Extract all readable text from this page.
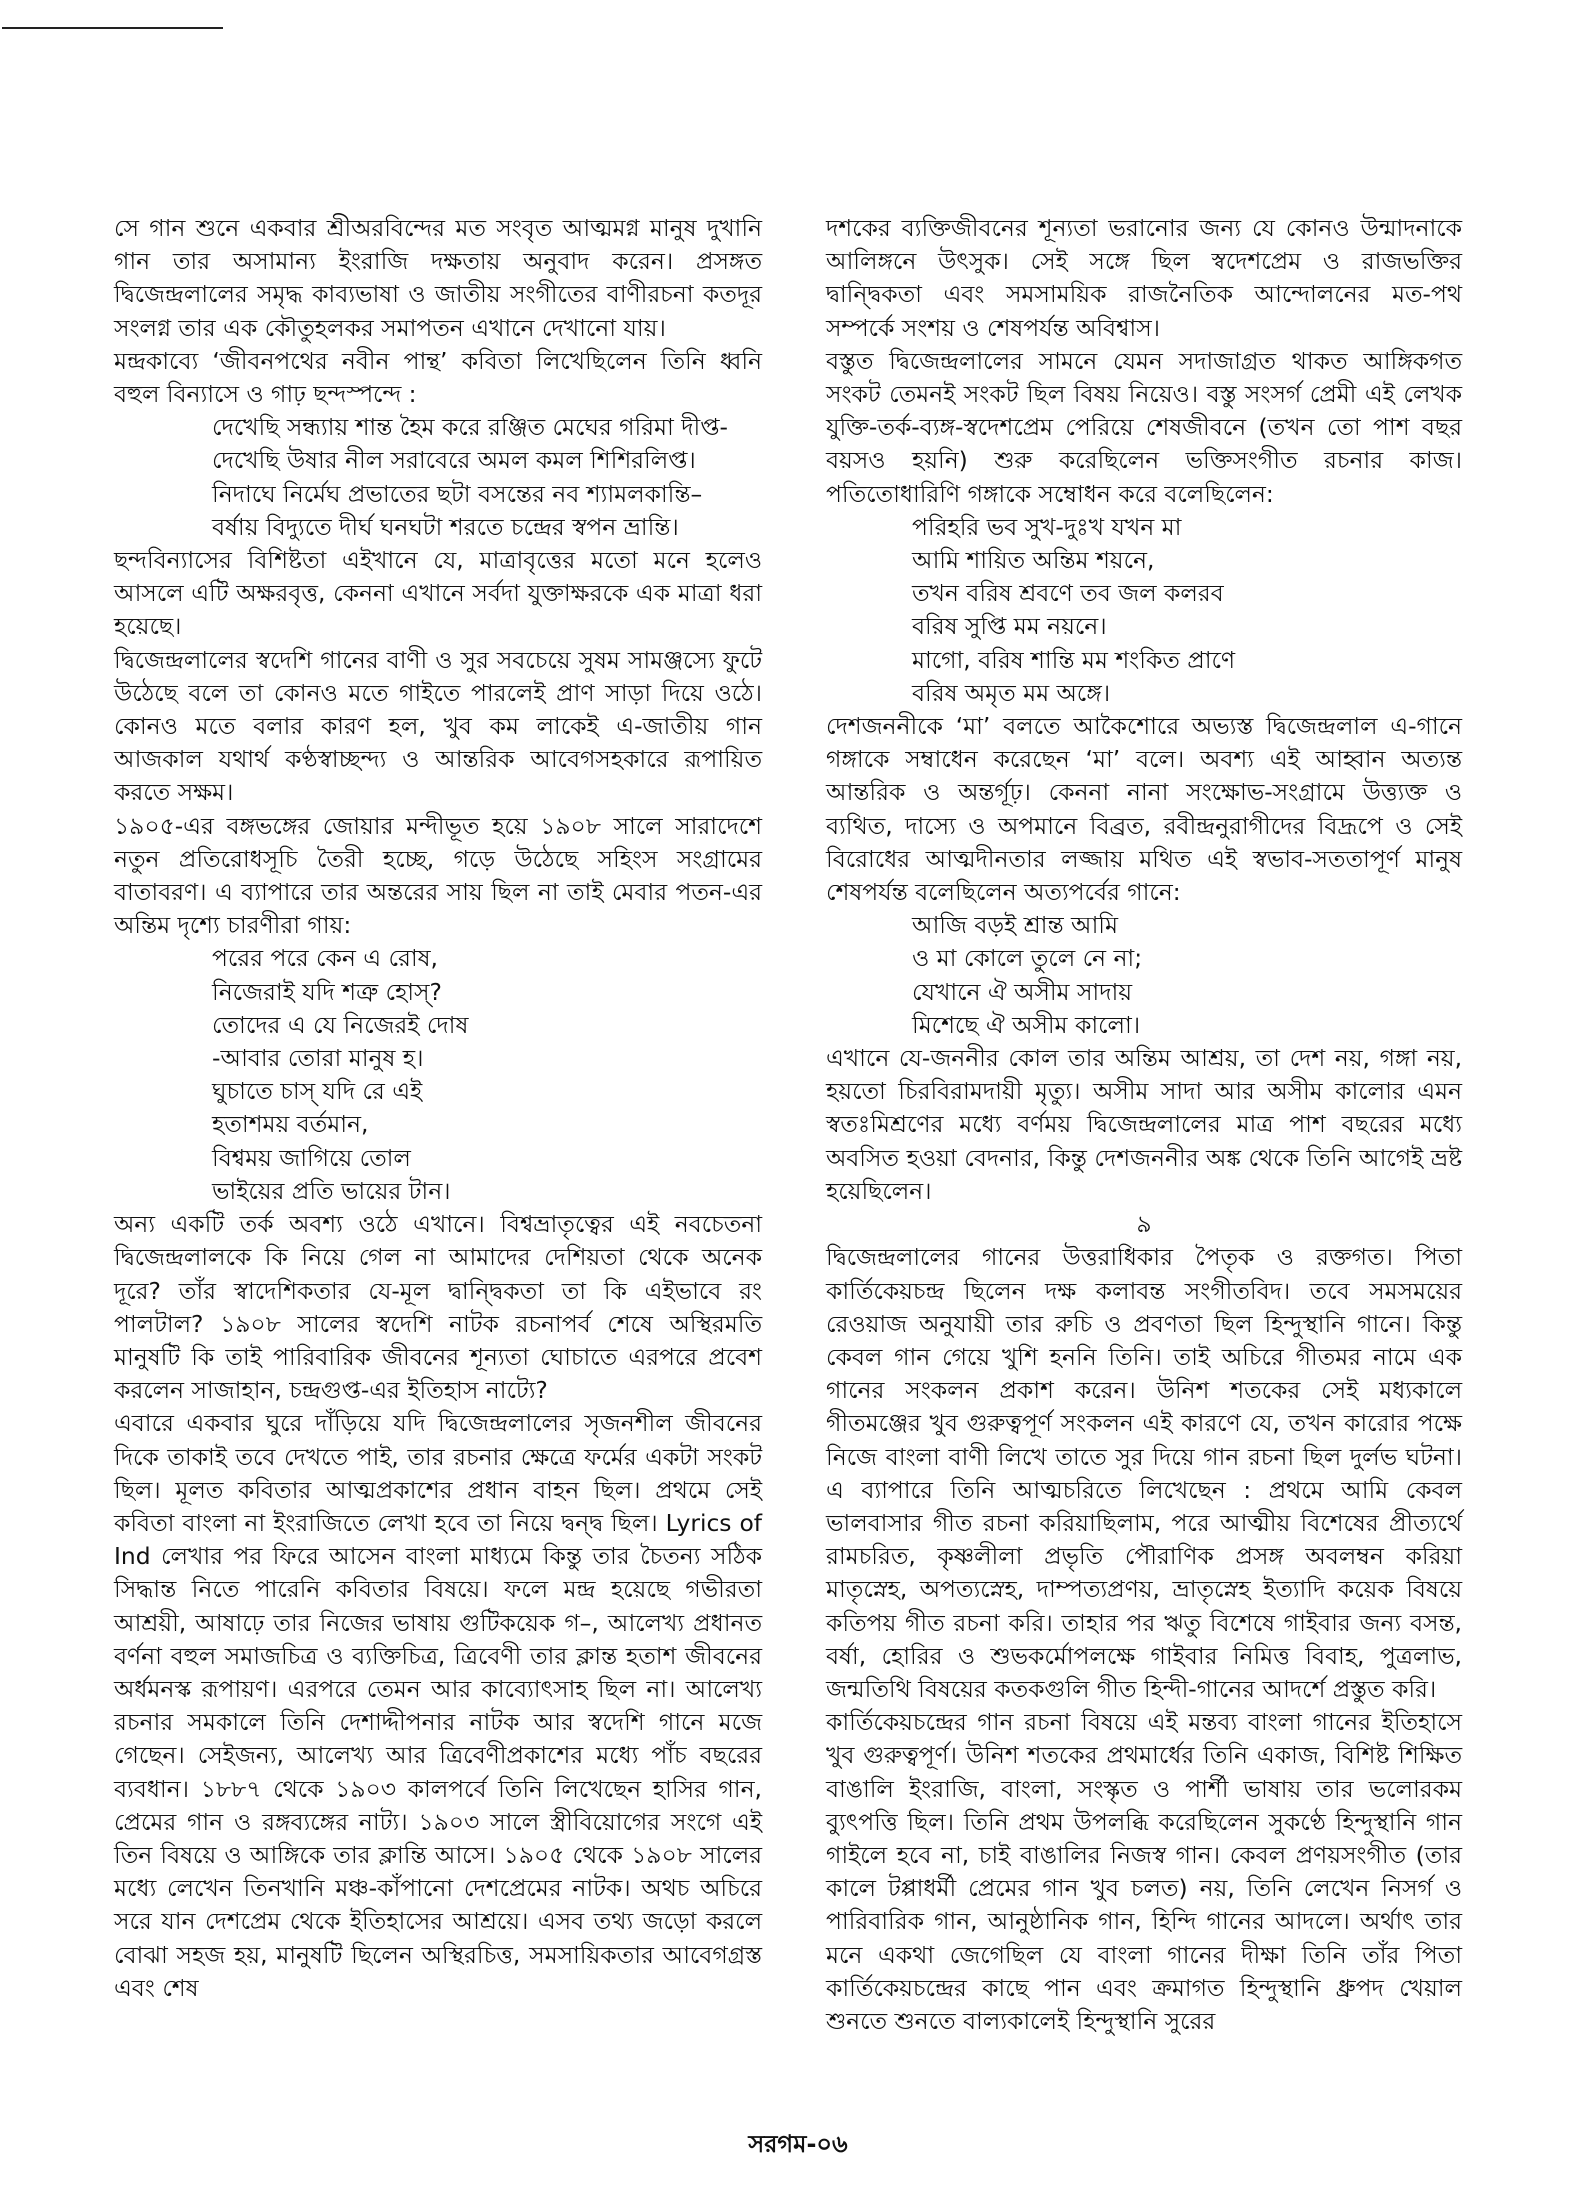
সে গান শুনে একবার শ্রীঅরবিন্দের মত সংবৃত আত্মমগ্ন মানুষ দুখানি গান তার অসামান্য ইংরাজি দক্ষতায় অনুবাদ করেন। প্রসঙ্গত দ্বিজেন্দ্রলালের সমৃদ্ধ কাব্যভাষা ও জাতীয় সংগীতের বাণীরচনা কতদূর সংলগ্ন তার এক কৌতুহলকর সমাপতন এখানে দেখানো যায়।

মন্দ্রকাব্যে ‘জীবনপথের নবীন পান্থ’ কবিতা লিখেছিলেন তিনি ধ্বনি বহুল বিন্যাসে ও গাঢ় ছন্দস্পন্দে :

দেখেছি সন্ধ্যায় শান্ত হৈম করে রঞ্জিত মেঘের গরিমা দীপ্ত-
দেখেছি উষার নীল সরাবেরে অমল কমল শিশিরলিপ্ত।
নিদাঘে নির্মেঘ প্রভাতের ছটা বসন্তের নব শ্যামলকান্তি–
বর্ষায় বিদ্যুতে দীর্ঘ ঘনঘটা শরতে চন্দ্রের স্বপন ভ্রান্তি।

ছন্দবিন্যাসের বিশিষ্টতা এইখানে যে, মাত্রাবৃত্তের মতো মনে হলেও আসলে এটি অক্ষরবৃত্ত, কেননা এখানে সর্বদা যুক্তাক্ষরকে এক মাত্রা ধরা হয়েছে।

দ্বিজেন্দ্রলালের স্বদেশি গানের বাণী ও সুর সবচেয়ে সুষম সামঞ্জস্যে ফুটে উঠেছে বলে তা কোনও মতে গাইতে পারলেই প্রাণ সাড়া দিয়ে ওঠে। কোনও মতে বলার কারণ হল, খুব কম লাকেই এ-জাতীয় গান আজকাল যথার্থ কণ্ঠস্বাচ্ছন্দ্য ও আন্তরিক আবেগসহকারে রূপায়িত করতে সক্ষম।

১৯০৫-এর বঙ্গভঙ্গের জোয়ার মন্দীভূত হয়ে ১৯০৮ সালে সারাদেশে নতুন প্রতিরোধসূচি তৈরী হচ্ছে, গড়ে উঠেছে সহিংস সংগ্রামের বাতাবরণ। এ ব্যাপারে তার অন্তরের সায় ছিল না তাই মেবার পতন-এর অন্তিম দৃশ্যে চারণীরা গায়:

পরের পরে কেন এ রোষ,
নিজেরাই যদি শত্রু হোস্?
তোদের এ যে নিজেরই দোষ
-আবার তোরা মানুষ হ।
ঘুচাতে চাস্ যদি রে এই
হতাশময় বর্তমান,
বিশ্বময় জাগিয়ে তোল
ভাইয়ের প্রতি ভায়ের টান।

অন্য একটি তর্ক অবশ্য ওঠে এখানে। বিশ্বভ্রাতৃত্বের এই নবচেতনা দ্বিজেন্দ্রলালকে কি নিয়ে গেল না আমাদের দেশিয়তা থেকে অনেক দূরে? তাঁর স্বাদেশিকতার যে-মূল দ্বান্দ্বিকতা তা কি এইভাবে রং পালটাল? ১৯০৮ সালের স্বদেশি নাটক রচনাপর্ব শেষে অস্থিরমতি মানুষটি কি তাই পারিবারিক জীবনের শূন্যতা ঘোচাতে এরপরে প্রবেশ করলেন সাজাহান, চন্দ্রগুপ্ত-এর ইতিহাস নাট্যে?

এবারে একবার ঘুরে দাঁড়িয়ে যদি দ্বিজেন্দ্রলালের সৃজনশীল জীবনের দিকে তাকাই তবে দেখতে পাই, তার রচনার ক্ষেত্রে ফর্মের একটা সংকট ছিল। মূলত কবিতার আত্মপ্রকাশের প্রধান বাহন ছিল। প্রথমে সেই কবিতা বাংলা না ইংরাজিতে লেখা হবে তা নিয়ে দ্বন্দ্ব ছিল। Lyrics of Ind লেখার পর ফিরে আসেন বাংলা মাধ্যমে কিন্তু তার চৈতন্য সঠিক সিদ্ধান্ত নিতে পারেনি কবিতার বিষয়ে। ফলে মন্দ্র হয়েছে গভীরতা আশ্রয়ী, আষাঢ়ে তার নিজের ভাষায় গুটিকয়েক গ–, আলেখ্য প্রধানত বর্ণনা বহুল সমাজচিত্র ও ব্যক্তিচিত্র, ত্রিবেণী তার ক্লান্ত হতাশ জীবনের অর্ধমনস্ক রূপায়ণ। এরপরে তেমন আর কাব্যোৎসাহ ছিল না। আলেখ্য রচনার সমকালে তিনি দেশাদ্দীপনার নাটক আর স্বদেশি গানে মজে গেছেন। সেইজন্য, আলেখ্য আর ত্রিবেণীপ্রকাশের মধ্যে পাঁচ বছরের ব্যবধান। ১৮৮৭ থেকে ১৯০৩ কালপর্বে তিনি লিখেছেন হাসির গান, প্রেমের গান ও রঙ্গব্যঙ্গের নাট্য। ১৯০৩ সালে স্ত্রীবিয়োগের সংগে এই তিন বিষয়ে ও আঙ্গিকে তার ক্লান্তি আসে। ১৯০৫ থেকে ১৯০৮ সালের মধ্যে লেখেন তিনখানি মঞ্চ-কাঁপানো দেশপ্রেমের নাটক। অথচ অচিরে সরে যান দেশপ্রেম থেকে ইতিহাসের আশ্রয়ে। এসব তথ্য জড়ো করলে বোঝা সহজ হয়, মানুষটি ছিলেন অস্থিরচিত্ত, সমসায়িকতার আবেগগ্রস্ত এবং শেষ

দশকের ব্যক্তিজীবনের শূন্যতা ভরানোর জন্য যে কোনও উন্মাদনাকে আলিঙ্গনে উৎসুক। সেই সঙ্গে ছিল স্বদেশপ্রেম ও রাজভক্তির দ্বান্দ্বিকতা এবং সমসাময়িক রাজনৈতিক আন্দোলনের মত-পথ সম্পর্কে সংশয় ও শেষপর্যন্ত অবিশ্বাস।

বস্তুত দ্বিজেন্দ্রলালের সামনে যেমন সদাজাগ্রত থাকত আঙ্গিকগত সংকট তেমনই সংকট ছিল বিষয় নিয়েও। বস্তু সংসর্গ প্রেমী এই লেখক যুক্তি-তর্ক-ব্যঙ্গ-স্বদেশপ্রেম পেরিয়ে শেষজীবনে (তখন তো পাশ বছর বয়সও হয়নি) শুরু করেছিলেন ভক্তিসংগীত রচনার কাজ। পতিতোধারিণি গঙ্গাকে সম্বোধন করে বলেছিলেন:

পরিহরি ভব সুখ-দুঃখ যখন মা
আমি শায়িত অন্তিম শয়নে,
তখন বরিষ শ্রবণে তব জল কলরব
বরিষ সুপ্তি মম নয়নে।
মাগো, বরিষ শান্তি মম শংকিত প্রাণে
বরিষ অমৃত মম অঙ্গে।

দেশজননীকে ‘মা’ বলতে আকৈশোরে অভ্যস্ত দ্বিজেন্দ্রলাল এ-গানে গঙ্গাকে সম্বাধেন করেছেন ‘মা’ বলে। অবশ্য এই আহ্বান অত্যন্ত আন্তরিক ও অন্তর্গূঢ়। কেননা নানা সংক্ষোভ-সংগ্রামে উত্ত্যক্ত ও ব্যথিত, দাস্যে ও অপমানে বিব্রত, রবীন্দ্রনুরাগীদের বিদ্রূপে ও সেই বিরোধের আত্মদীনতার লজ্জায় মথিত এই স্বভাব-সততাপূর্ণ মানুষ শেষপর্যন্ত বলেছিলেন অত্যপর্বের গানে:

আজি বড়ই শ্রান্ত আমি
ও মা কোলে তুলে নে না;
যেখানে ঐ অসীম সাদায়
মিশেছে ঐ অসীম কালো।

এখানে যে-জননীর কোল তার অন্তিম আশ্রয়, তা দেশ নয়, গঙ্গা নয়, হয়তো চিরবিরামদায়ী মৃত্যু। অসীম সাদা আর অসীম কালোর এমন স্বতঃমিশ্রণের মধ্যে বর্ণময় দ্বিজেন্দ্রলালের মাত্র পাশ বছরের মধ্যে অবসিত হওয়া বেদনার, কিন্তু দেশজননীর অঙ্ক থেকে তিনি আগেই ভ্রষ্ট হয়েছিলেন।

৯

দ্বিজেন্দ্রলালের গানের উত্তরাধিকার পৈতৃক ও রক্তগত। পিতা কার্তিকেয়চন্দ্র ছিলেন দক্ষ কলাবন্ত সংগীতবিদ। তবে সমসময়ের রেওয়াজ অনুযায়ী তার রুচি ও প্রবণতা ছিল হিন্দুস্থানি গানে। কিন্তু কেবল গান গেয়ে খুশি হননি তিনি। তাই অচিরে গীতমর নামে এক গানের সংকলন প্রকাশ করেন। উনিশ শতকের সেই মধ্যকালে গীতমঞ্জের খুব গুরুত্বপূর্ণ সংকলন এই কারণে যে, তখন কারোর পক্ষে নিজে বাংলা বাণী লিখে তাতে সুর দিয়ে গান রচনা ছিল দুর্লভ ঘটনা। এ ব্যাপারে তিনি আত্মচরিতে লিখেছেন : প্রথমে আমি কেবল ভালবাসার গীত রচনা করিয়াছিলাম, পরে আত্মীয় বিশেষের প্রীত্যর্থে রামচরিত, কৃষ্ণলীলা প্রভৃতি পৌরাণিক প্রসঙ্গ অবলম্বন করিয়া মাতৃস্নেহ, অপত্যস্নেহ, দাম্পত্যপ্রণয়, ভ্রাতৃস্নেহ ইত্যাদি কয়েক বিষয়ে কতিপয় গীত রচনা করি। তাহার পর ঋতু বিশেষে গাইবার জন্য বসন্ত, বর্ষা, হোরির ও শুভকর্মোপলক্ষে গাইবার নিমিত্ত বিবাহ, পুত্রলাভ, জন্মতিথি বিষয়ের কতকগুলি গীত হিন্দী-গানের আদর্শে প্রস্তুত করি।

কার্তিকেয়চন্দ্রের গান রচনা বিষয়ে এই মন্তব্য বাংলা গানের ইতিহাসে খুব গুরুত্বপূর্ণ। উনিশ শতকের প্রথমার্ধের তিনি একাজ, বিশিষ্ট শিক্ষিত বাঙালি ইংরাজি, বাংলা, সংস্কৃত ও পার্শী ভাষায় তার ভলোরকম ব্যুৎপত্তি ছিল। তিনি প্রথম উপলব্ধি করেছিলেন সুকণ্ঠে হিন্দুস্থানি গান গাইলে হবে না, চাই বাঙালির নিজস্ব গান। কেবল প্রণয়সংগীত (তার কালে টপ্পাধর্মী প্রেমের গান খুব চলত) নয়, তিনি লেখেন নিসর্গ ও পারিবারিক গান, আনুষ্ঠানিক গান, হিন্দি গানের আদলে। অর্থাৎ তার মনে একথা জেগেছিল যে বাংলা গানের দীক্ষা তিনি তাঁর পিতা কার্তিকেয়চন্দ্রের কাছে পান এবং ক্রমাগত হিন্দুস্থানি ধ্রুপদ খেয়াল শুনতে শুনতে বাল্যকালেই হিন্দুস্থানি সুরের

সরগম-০৬
